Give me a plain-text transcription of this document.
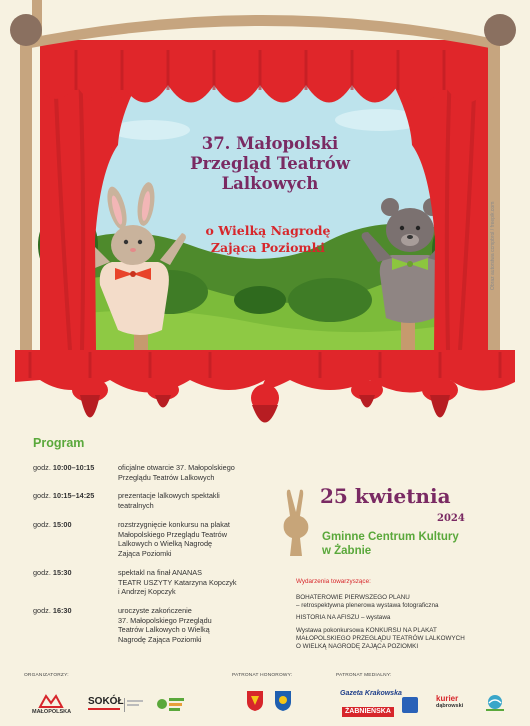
Obraz autorstwa ccmpbrol / freepik.com
37. Małopolski
Przegląd Teatrów
Lalkowych
o Wielką Nagrodę
Zająca Poziomki
Program
godz. 10:00–10:15	oficjalne otwarcie 37. Małopolskiego
Przeglądu Teatrów Lalkowych
godz. 10:15–14:25	prezentacje lalkowych spektakli
teatralnych
godz. 15:00	rozstrzygnięcie konkursu na plakat
Małopolskiego Przeglądu Teatrów
Lalkowych o Wielką Nagrodę
Zająca Poziomki
godz. 15:30	spektakl na finał ANANAS
TEATR USZYTY Katarzyna Kopczyk
i Andrzej Kopczyk
godz. 16:30	uroczyste zakończenie
37. Małopolskiego Przeglądu
Teatrów Lalkowych o Wielką
Nagrodę Zająca Poziomki
25 kwietnia
2024
Gminne Centrum Kultury
w Żabnie
Wydarzenia towarzyszące:
BOHATEROWIE PIERWSZEGO PLANU
– retrospektywna plenerowa wystawa fotograficzna
HISTORIA NA AFISZU – wystawa
Wystawa pokonkursowa KONKURSU NA PLAKAT
MAŁOPOLSKIEGO PRZEGLĄDU TEATRÓW LALKOWYCH
O WIELKĄ NAGRODĘ ZAJĄCA POZIOMKI
ORGANIZATORZY:	PATRONAT HONOROWY:	PATRONAT MEDIALNY:
MAŁOPOLSKA
SOKÓŁ
Gazeta Krakowska
ŻABNIEŃSKA
kurier
dąbrowski
